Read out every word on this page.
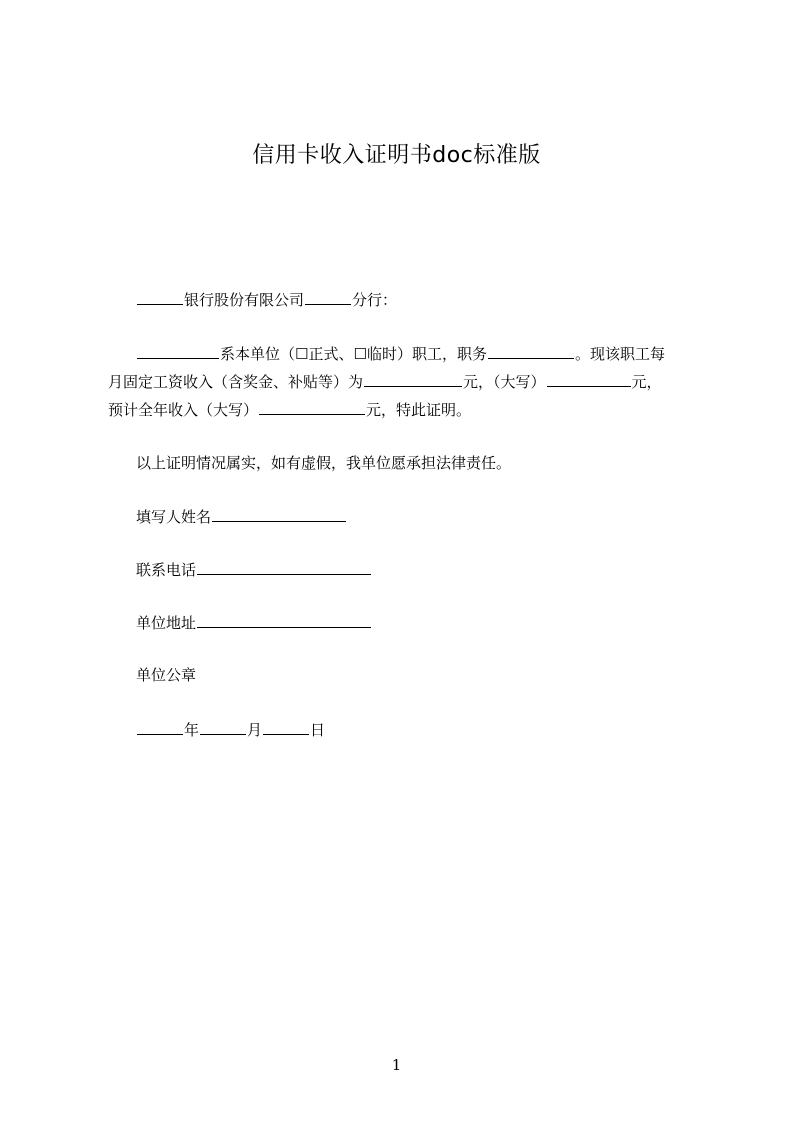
信用卡收入证明书doc标准版
银行股份有限公司	分行：
系本单位（☐正式、☐临时）职工，职务	。现该职工每
月固定工资收入（含奖金、补贴等）为	元，（大写）	元，
预计全年收入（大写）	元，特此证明。
以上证明情况属实，如有虚假，我单位愿承担法律责任。
填写人姓名
联系电话
单位地址
单位公章
年	月	日
1
